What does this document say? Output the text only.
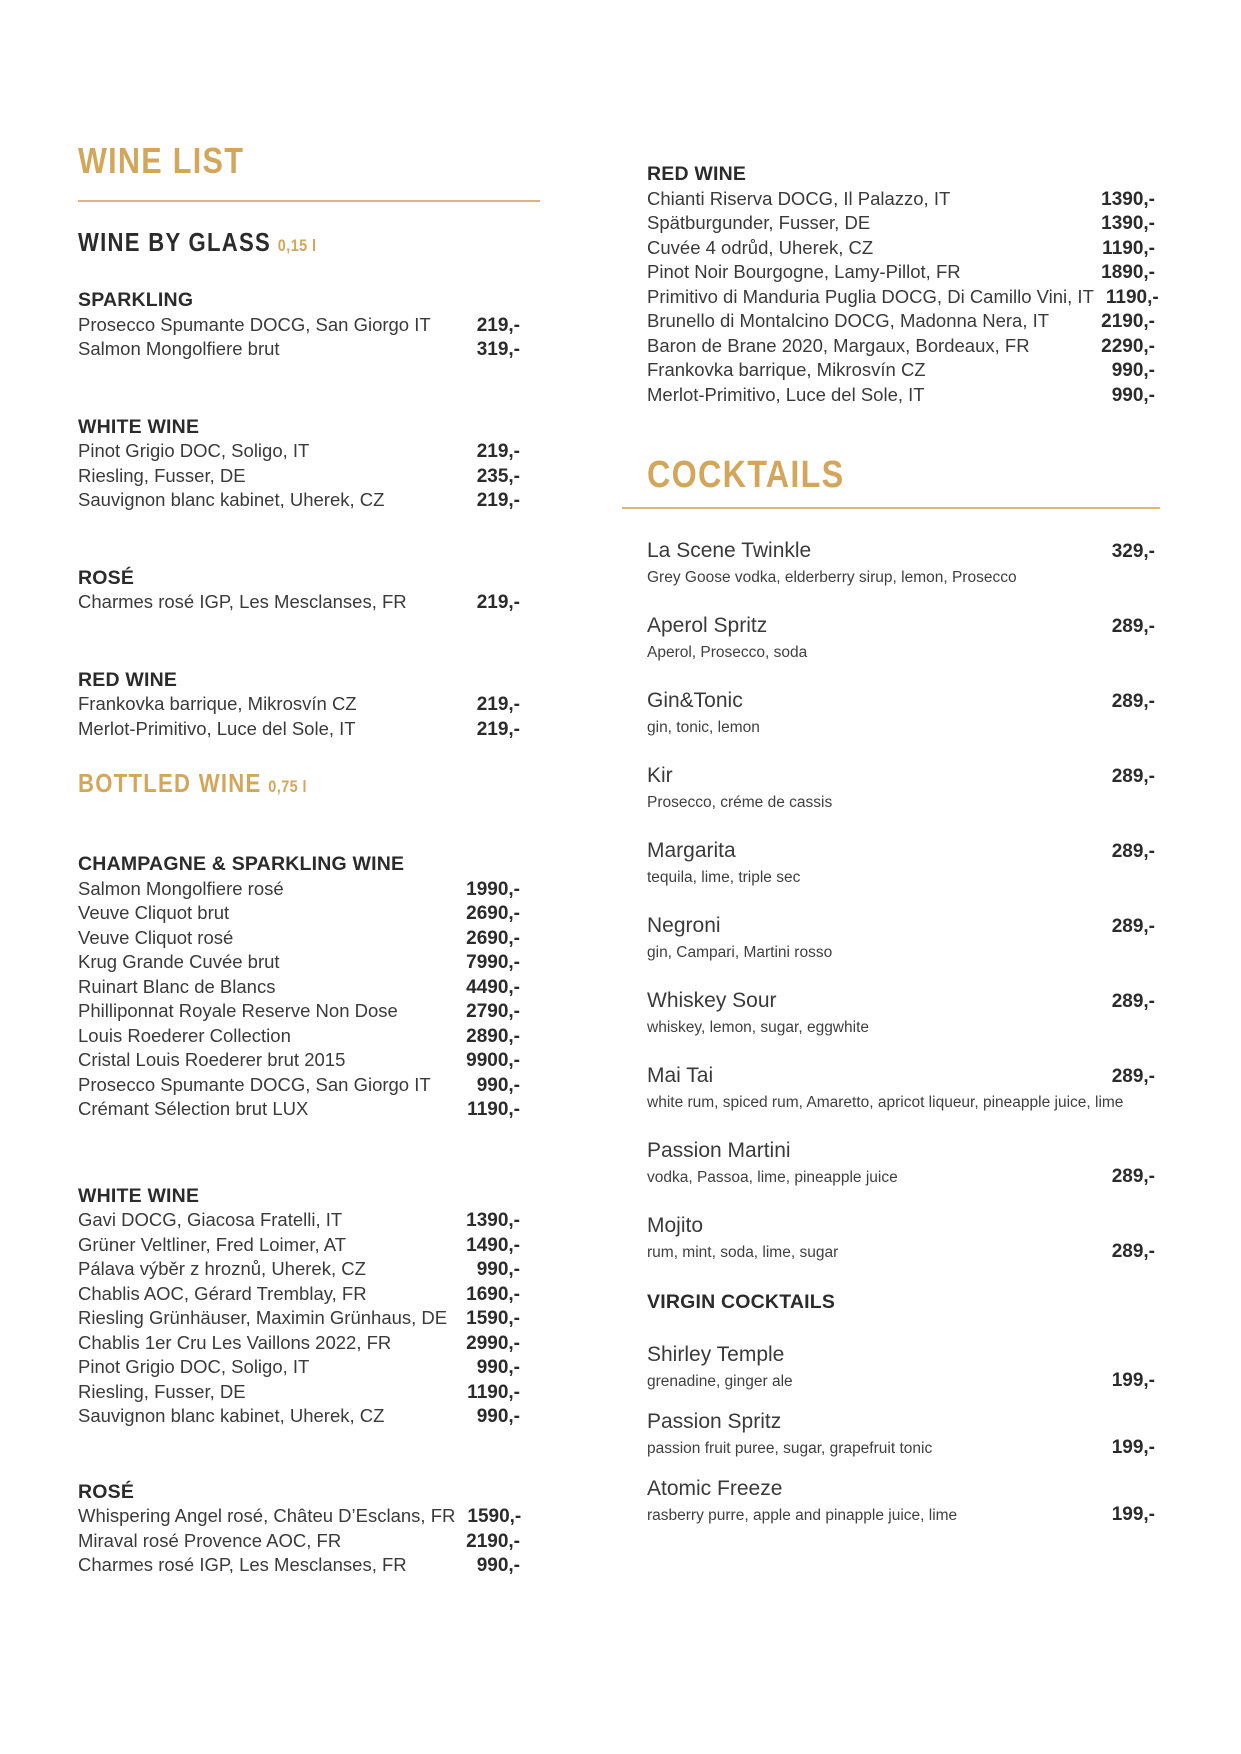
WINE LIST
WINE BY GLASS 0,15 l
SPARKLING
Prosecco Spumante DOCG, San Giorgo IT 219,-
Salmon Mongolfiere brut	319,-
WHITE WINE
Pinot Grigio DOC, Soligo, IT	219,-
Riesling, Fusser, DE	235,-
Sauvignon blanc kabinet, Uherek, CZ	219,-
ROSÉ
Charmes rosé IGP, Les Mesclanses, FR	219,-
RED WINE
Frankovka barrique, Mikrosvín CZ	219,-
Merlot-Primitivo, Luce del Sole, IT	219,-
BOTTLED WINE 0,75 l
CHAMPAGNE & SPARKLING WINE
Salmon Mongolfiere rosé	1990,-
Veuve Cliquot brut	2690,-
Veuve Cliquot rosé	2690,-
Krug Grande Cuvée brut	7990,-
Ruinart Blanc de Blancs	4490,-
Philliponnat Royale Reserve Non Dose	2790,-
Louis Roederer Collection	2890,-
Cristal Louis Roederer brut 2015	9900,-
Prosecco Spumante DOCG, San Giorgo IT 990,-
Crémant Sélection brut LUX	1190,-
WHITE WINE
Gavi DOCG, Giacosa Fratelli, IT	1390,-
Grüner Veltliner, Fred Loimer, AT	1490,-
Pálava výběr z hroznů, Uherek, CZ	990,-
Chablis AOC, Gérard Tremblay, FR	1690,-
Riesling Grünhäuser, Maximin Grünhaus, DE 1590,-
Chablis 1er Cru Les Vaillons 2022, FR	2990,-
Pinot Grigio DOC, Soligo, IT	990,-
Riesling, Fusser, DE	1190,-
Sauvignon blanc kabinet, Uherek, CZ	990,-
ROSÉ
Whispering Angel rosé, Châteu D’Esclans, FR 1590,-
Miraval rosé Provence AOC, FR	2190,-
Charmes rosé IGP, Les Mesclanses, FR	990,-
RED WINE
Chianti Riserva DOCG, Il Palazzo, IT	1390,-
Spätburgunder, Fusser, DE	1390,-
Cuvée 4 odrůd, Uherek, CZ	1190,-
Pinot Noir Bourgogne, Lamy-Pillot, FR	1890,-
Primitivo di Manduria Puglia DOCG, Di Camillo Vini, IT 1190,-
Brunello di Montalcino DOCG, Madonna Nera, IT	2190,-
Baron de Brane 2020, Margaux, Bordeaux, FR	2290,-
Frankovka barrique, Mikrosvín CZ	990,-
Merlot-Primitivo, Luce del Sole, IT	990,-
COCKTAILS
La Scene Twinkle	329,-
Grey Goose vodka, elderberry sirup, lemon, Prosecco
Aperol Spritz	289,-
Aperol, Prosecco, soda
Gin&Tonic	289,-
gin, tonic, lemon
Kir	289,-
Prosecco, créme de cassis
Margarita	289,-
tequila, lime, triple sec
Negroni	289,-
gin, Campari, Martini rosso
Whiskey Sour	289,-
whiskey, lemon, sugar, eggwhite
Mai Tai	289,-
white rum, spiced rum, Amaretto, apricot liqueur, pineapple juice, lime
Passion Martini
vodka, Passoa, lime, pineapple juice	289,-
Mojito
rum, mint, soda, lime, sugar	289,-
VIRGIN COCKTAILS
Shirley Temple
grenadine, ginger ale	199,-
Passion Spritz
passion fruit puree, sugar, grapefruit tonic	199,-
Atomic Freeze
rasberry purre, apple and pinapple juice, lime	199,-
